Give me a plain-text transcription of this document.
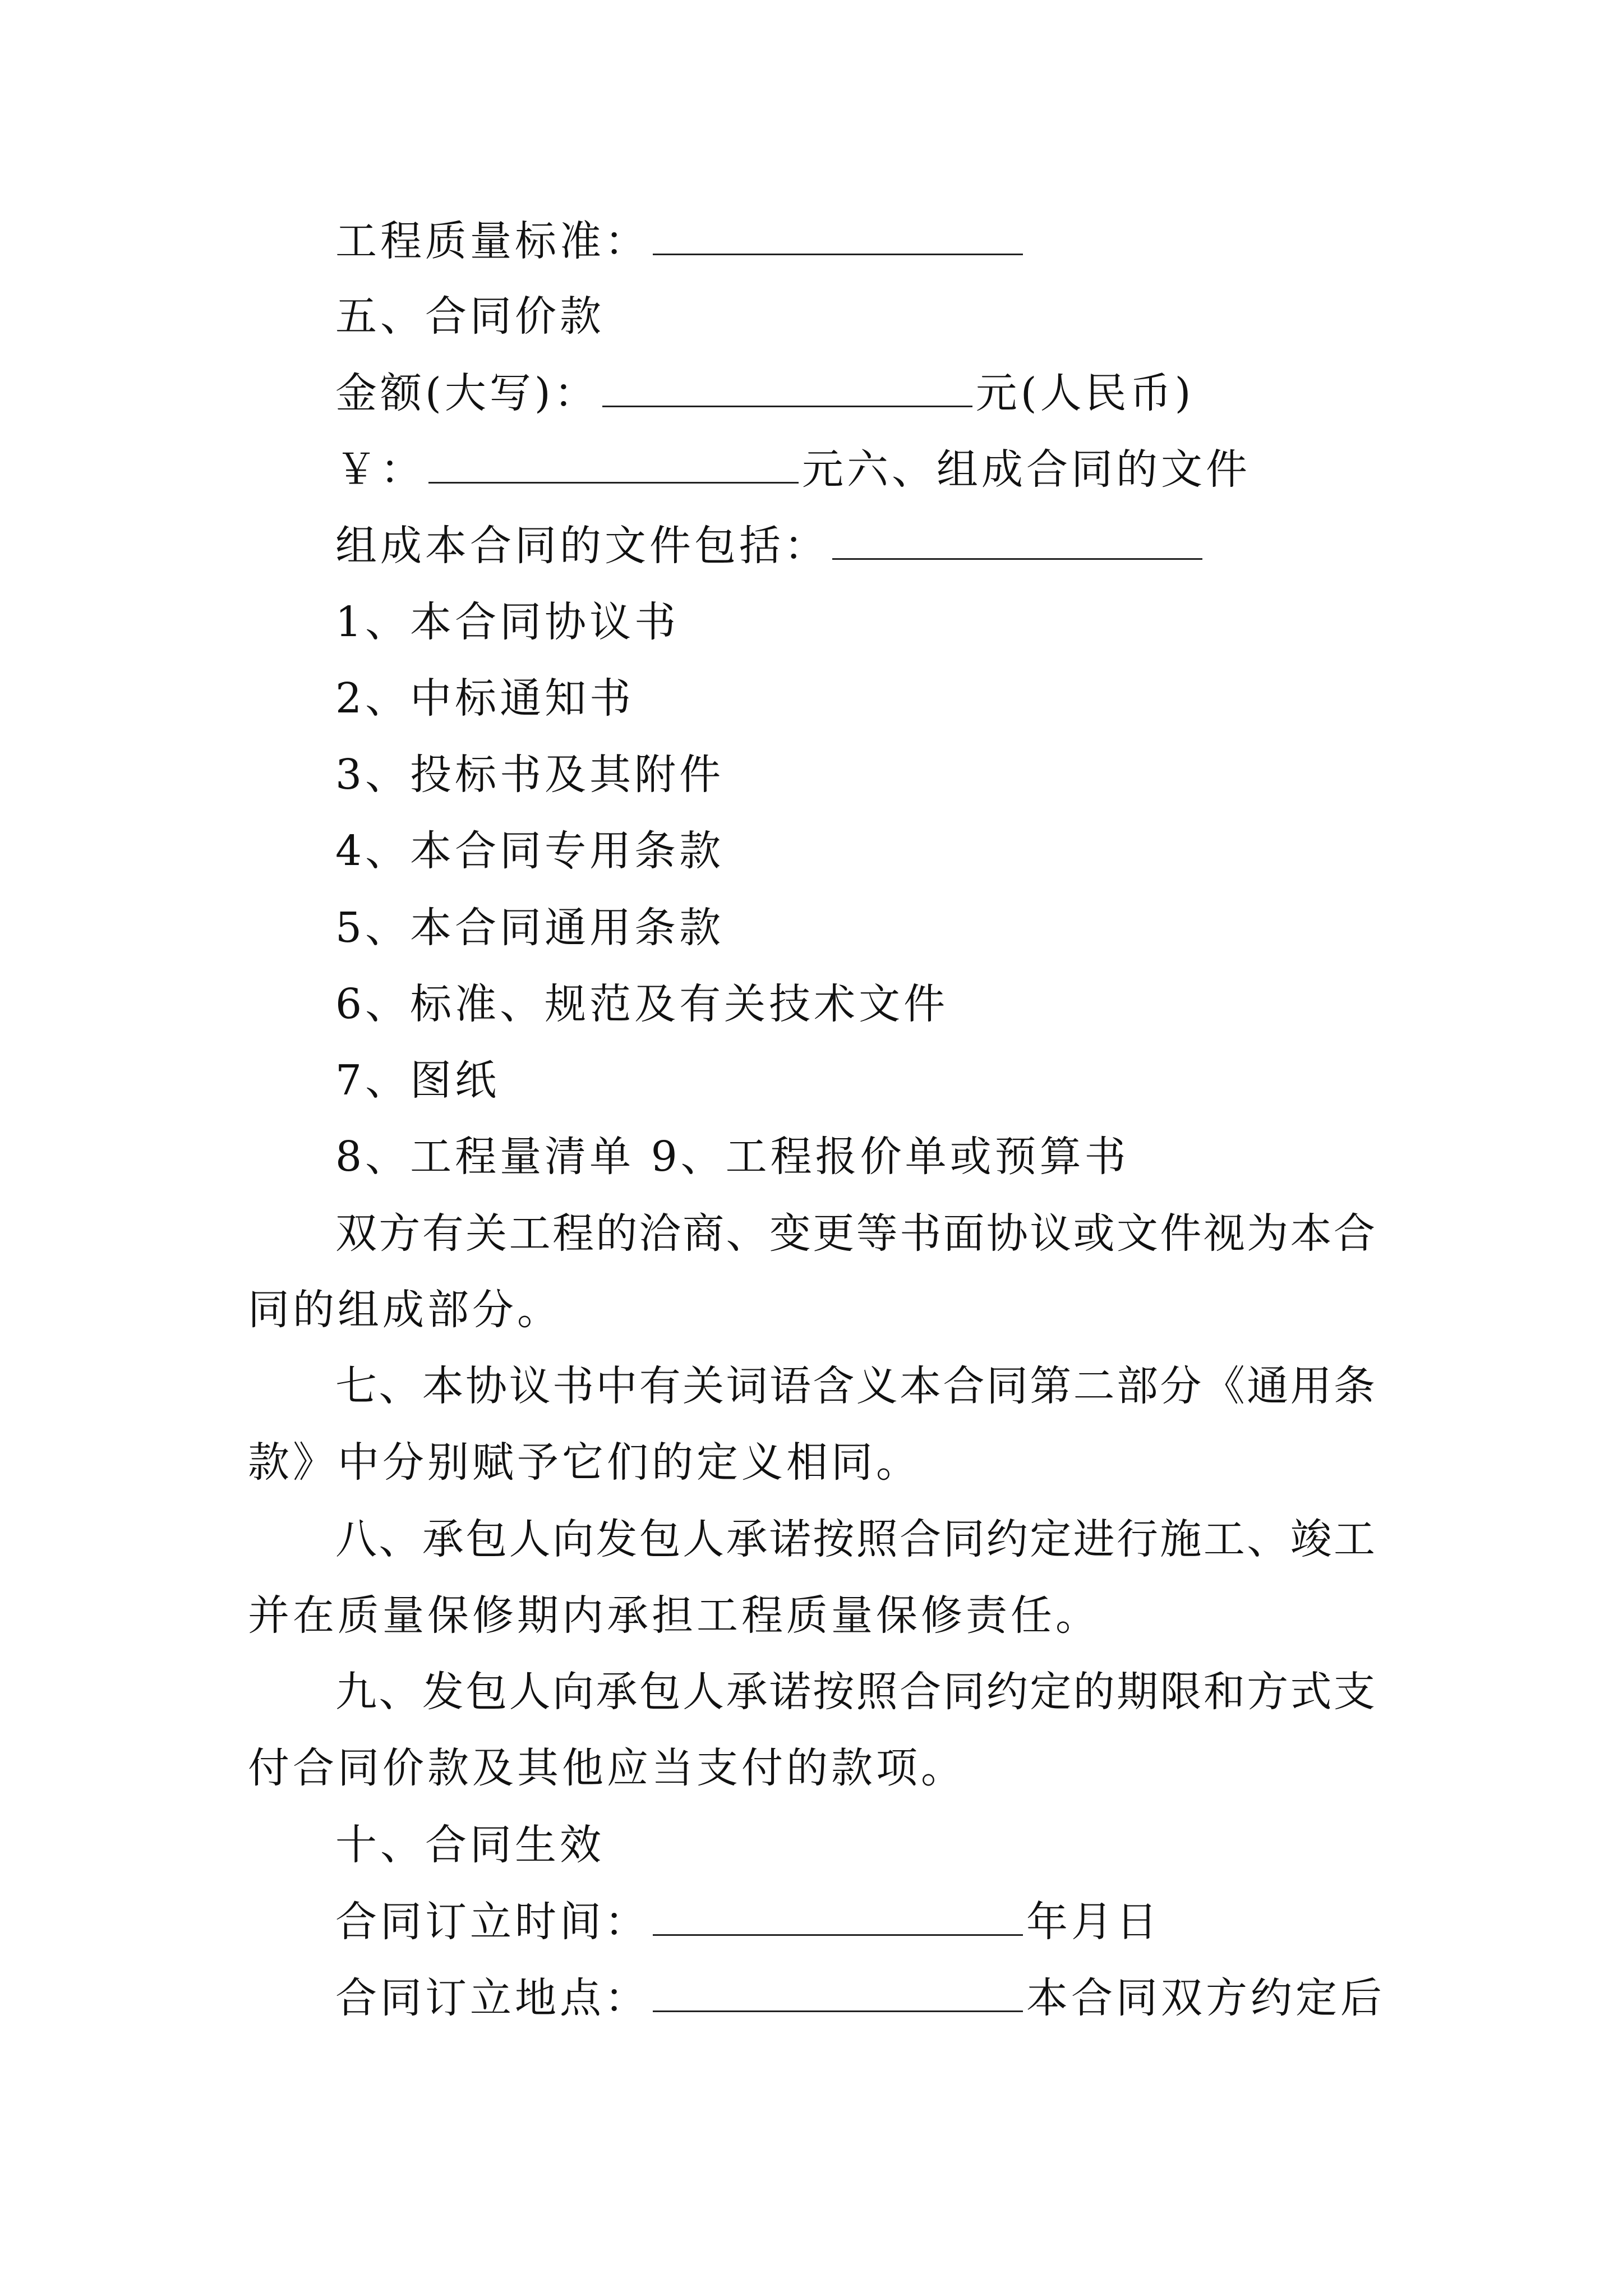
工程质量标准：
五、合同价款
金额(大写)：	元(人民币)
￥：	元六、组成合同的文件
组成本合同的文件包括：
1、本合同协议书
2、中标通知书
3、投标书及其附件
4、本合同专用条款
5、本合同通用条款
6、标准、规范及有关技术文件
7、图纸
8、工程量清单 9、工程报价单或预算书
双方有关工程的洽商、变更等书面协议或文件视为本合
同的组成部分。
七、本协议书中有关词语含义本合同第二部分《通用条
款》中分别赋予它们的定义相同。
八、承包人向发包人承诺按照合同约定进行施工、竣工
并在质量保修期内承担工程质量保修责任。
九、发包人向承包人承诺按照合同约定的期限和方式支
付合同价款及其他应当支付的款项。
十、合同生效
合同订立时间：	年月日
合同订立地点：	本合同双方约定后
